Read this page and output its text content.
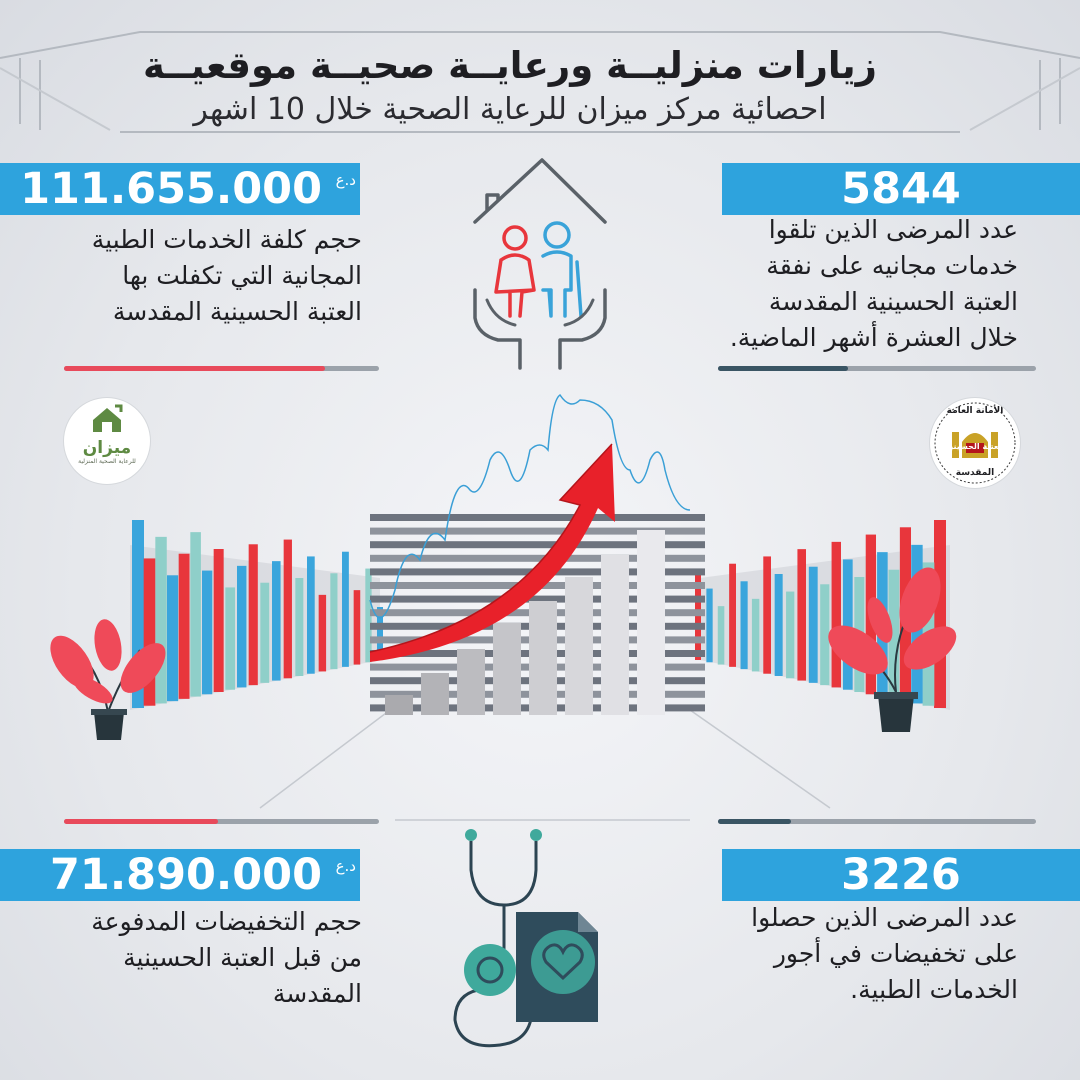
زيارات منزليــة ورعايــة صحيــة موقعيــة
احصائية مركز ميزان للرعاية الصحية خلال 10 اشهر
د.ع 111.655.000
حجم كلفة الخدمات الطبية المجانية التي تكفلت بها العتبة الحسينية المقدسة
5844
عدد المرضى الذين تلقوا خدمات مجانيه على نفقة العتبة الحسينية المقدسة خلال العشرة أشهر الماضية.
ميزان
للرعاية الصحية المنزلية
الأمانة العامة
للعتبة الحسينية
المقدسة
د.ع 71.890.000
حجم التخفيضات المدفوعة من قبل العتبة الحسينية المقدسة
3226
عدد المرضى الذين حصلوا على تخفيضات في أجور الخدمات الطبية.
